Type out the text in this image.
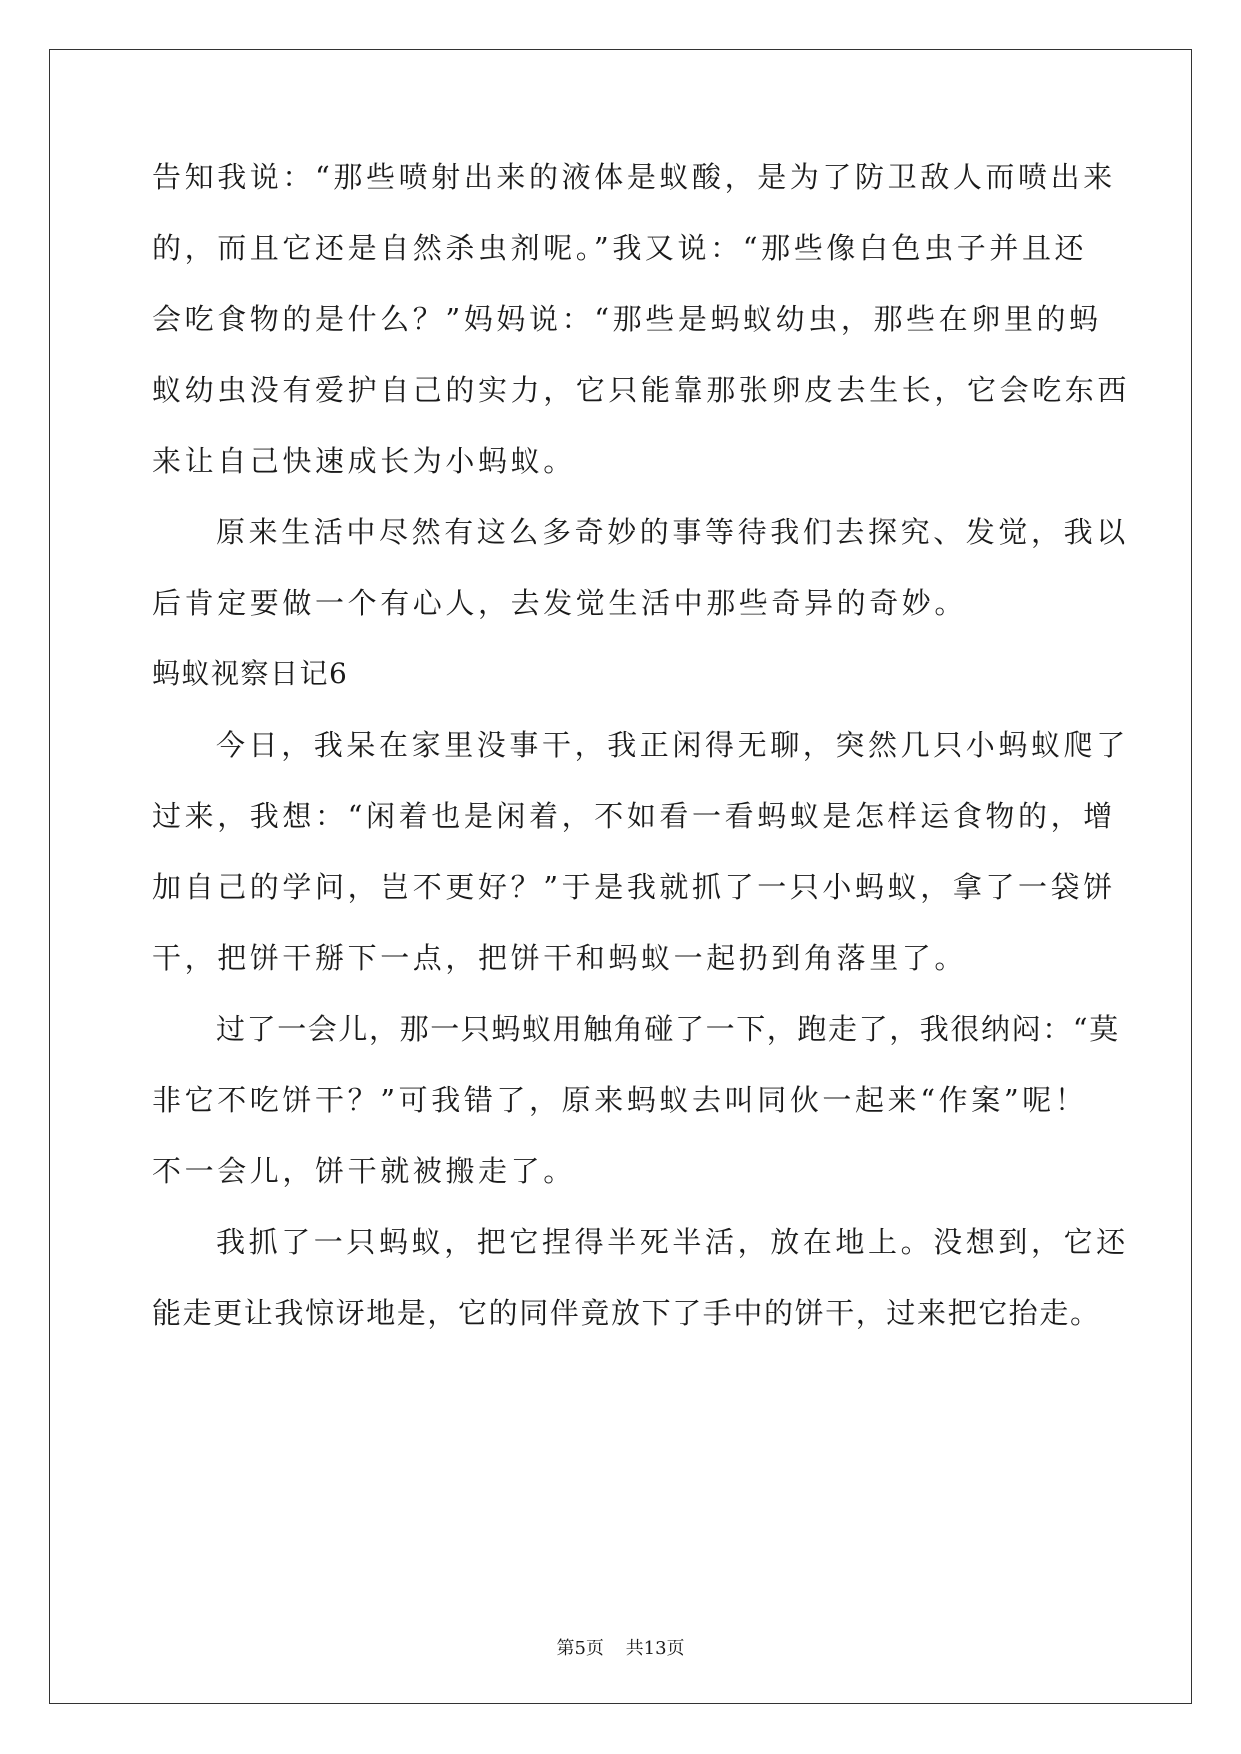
告知我说：“那些喷射出来的液体是蚁酸，是为了防卫敌人而喷出来
的，而且它还是自然杀虫剂呢。”我又说：“那些像白色虫子并且还
会吃食物的是什么？”妈妈说：“那些是蚂蚁幼虫，那些在卵里的蚂
蚁幼虫没有爱护自己的实力，它只能靠那张卵皮去生长，它会吃东西
来让自己快速成长为小蚂蚁。
原来生活中尽然有这么多奇妙的事等待我们去探究、发觉，我以
后肯定要做一个有心人，去发觉生活中那些奇异的奇妙。
蚂蚁视察日记6
今日，我呆在家里没事干，我正闲得无聊，突然几只小蚂蚁爬了
过来，我想：“闲着也是闲着，不如看一看蚂蚁是怎样运食物的，增
加自己的学问，岂不更好？”于是我就抓了一只小蚂蚁，拿了一袋饼
干，把饼干掰下一点，把饼干和蚂蚁一起扔到角落里了。
过了一会儿，那一只蚂蚁用触角碰了一下，跑走了，我很纳闷：“莫
非它不吃饼干？”可我错了，原来蚂蚁去叫同伙一起来“作案”呢！
不一会儿，饼干就被搬走了。
我抓了一只蚂蚁，把它捏得半死半活，放在地上。没想到，它还
能走更让我惊讶地是，它的同伴竟放下了手中的饼干，过来把它抬走。
第5页 共13页
